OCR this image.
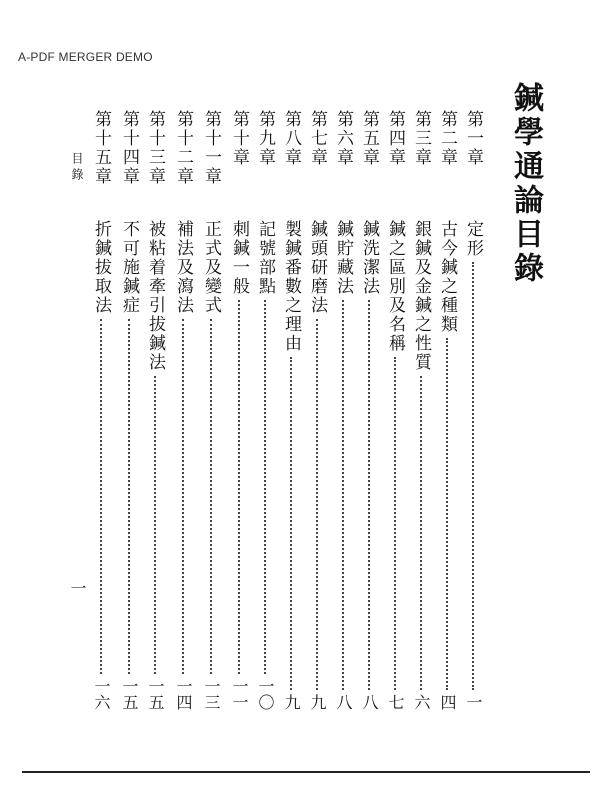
A-PDF MERGER DEMO
鍼學通論目錄
第一章
定形
一
第二章
古今鍼之種類
四
第三章
銀鍼及金鍼之性質
六
第四章
鍼之區別及名稱
七
第五章
鍼洗潔法
八
第六章
鍼貯藏法
八
第七章
鍼頭研磨法
九
第八章
製鍼番數之理由
九
第九章
記號部點
一〇
第十章
刺鍼一般
一一
第十一章
正式及變式
一三
第十二章
補法及瀉法
一四
第十三章
被粘着牽引拔鍼法
一五
第十四章
不可施鍼症
一五
第十五章
折鍼拔取法
一六
目錄
一
